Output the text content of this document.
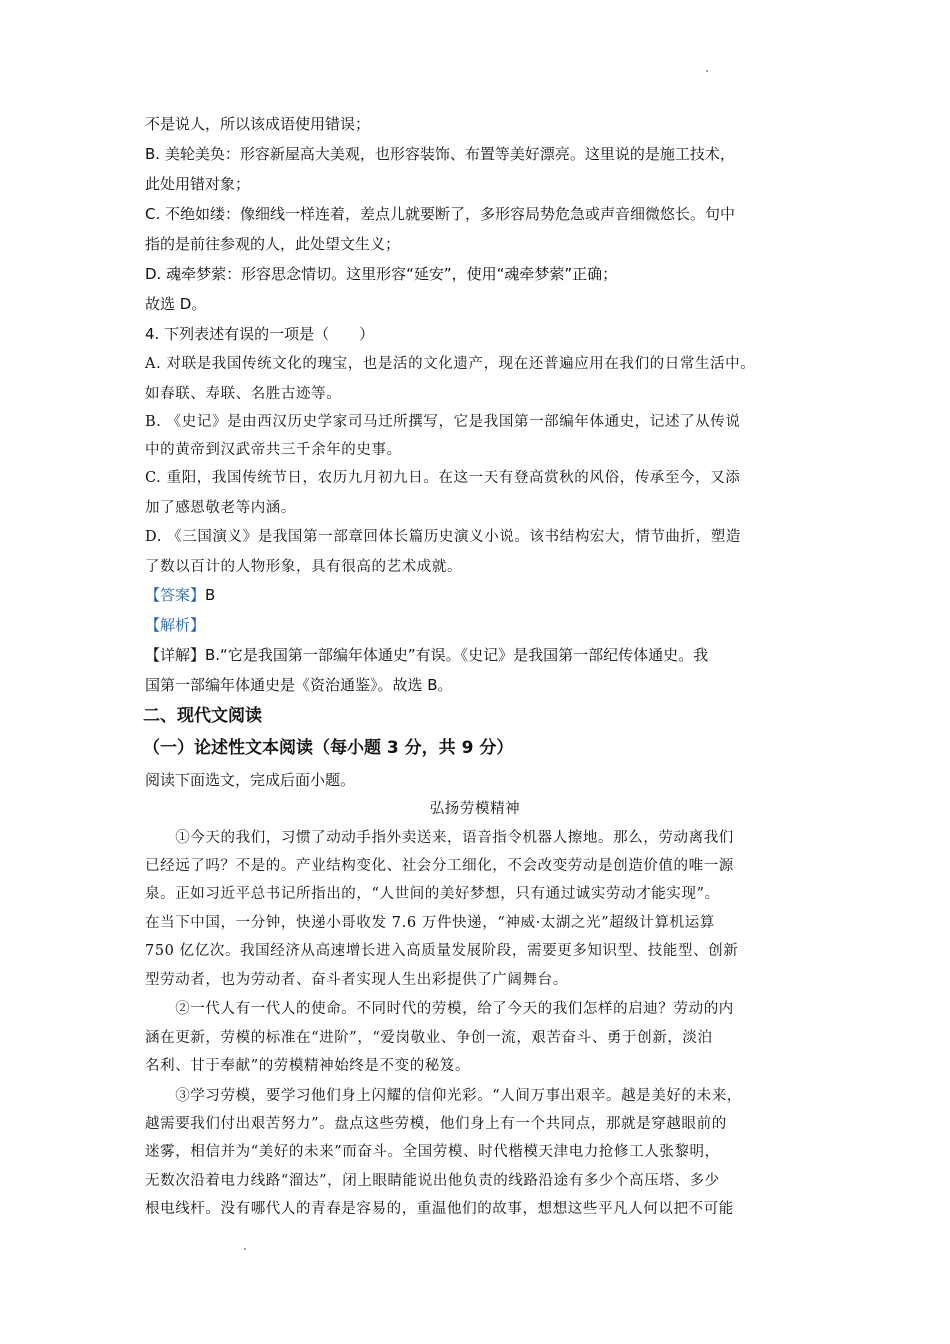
不是说人，所以该成语使用错误；
B. 美轮美奂：形容新屋高大美观，也形容装饰、布置等美好漂亮。这里说的是施工技术，
此处用错对象；
C. 不绝如缕：像细线一样连着，差点儿就要断了，多形容局势危急或声音细微悠长。句中
指的是前往参观的人，此处望文生义；
D. 魂牵梦萦：形容思念情切。这里形容“延安”，使用“魂牵梦萦”正确；
故选 D。
4. 下列表述有误的一项是（　　）
A. 对联是我国传统文化的瑰宝，也是活的文化遗产，现在还普遍应用在我们的日常生活中。
如春联、寿联、名胜古迹等。
B. 《史记》是由西汉历史学家司马迁所撰写，它是我国第一部编年体通史，记述了从传说
中的黄帝到汉武帝共三千余年的史事。
C. 重阳，我国传统节日，农历九月初九日。在这一天有登高赏秋的风俗，传承至今，又添
加了感恩敬老等内涵。
D. 《三国演义》是我国第一部章回体长篇历史演义小说。该书结构宏大，情节曲折，塑造
了数以百计的人物形象，具有很高的艺术成就。
【答案】B
【解析】
【详解】B.“它是我国第一部编年体通史”有误。《史记》是我国第一部纪传体通史。我
国第一部编年体通史是《资治通鉴》。故选 B。
二、现代文阅读
（一）论述性文本阅读（每小题 3 分，共 9 分）
阅读下面选文，完成后面小题。
弘扬劳模精神
　　①今天的我们，习惯了动动手指外卖送来，语音指令机器人擦地。那么，劳动离我们
已经远了吗？不是的。产业结构变化、社会分工细化，不会改变劳动是创造价值的唯一源
泉。正如习近平总书记所指出的，“人世间的美好梦想，只有通过诚实劳动才能实现”。
在当下中国，一分钟，快递小哥收发 7.6 万件快递，“神威·太湖之光”超级计算机运算
750 亿亿次。我国经济从高速增长进入高质量发展阶段，需要更多知识型、技能型、创新
型劳动者，也为劳动者、奋斗者实现人生出彩提供了广阔舞台。
　　②一代人有一代人的使命。不同时代的劳模，给了今天的我们怎样的启迪？劳动的内
涵在更新，劳模的标准在“进阶”，“爱岗敬业、争创一流，艰苦奋斗、勇于创新，淡泊
名利、甘于奉献”的劳模精神始终是不变的秘笈。
　　③学习劳模，要学习他们身上闪耀的信仰光彩。“人间万事出艰辛。越是美好的未来，
越需要我们付出艰苦努力”。盘点这些劳模，他们身上有一个共同点，那就是穿越眼前的
迷雾，相信并为“美好的未来”而奋斗。全国劳模、时代楷模天津电力抢修工人张黎明，
无数次沿着电力线路“溜达”，闭上眼睛能说出他负责的线路沿途有多少个高压塔、多少
根电线杆。没有哪代人的青春是容易的，重温他们的故事，想想这些平凡人何以把不可能
